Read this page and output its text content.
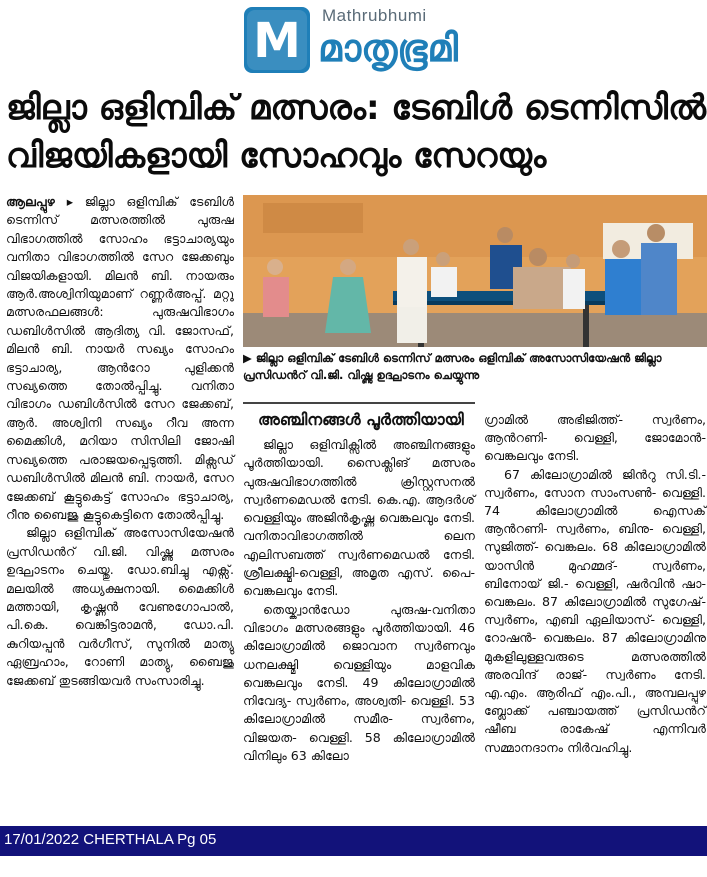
M Mathrubhumi
മാതൃഭൂമി
ജില്ലാ ഒളിമ്പിക് മത്സരം: ടേബിൾ ടെന്നിസിൽ വിജയികളായി സോഹവും സേറയും

ആലപ്പുഴ ▸ ജില്ലാ ഒളിമ്പിക് ടേബിൾ ടെന്നിസ് മത്സരത്തിൽ പുരുഷ വിഭാഗത്തിൽ സോഹം ഭട്ടാചാര്യയും വനിതാ വിഭാഗത്തിൽ സേറ ജേക്കബും വിജയികളായി. മിലൻ ബി. നായരും ആർ.അശ്വിനിയുമാണ് റണ്ണർഅപ്പ്. മറ്റു മത്സരഫലങ്ങൾ: പുരുഷവിഭാഗം ഡബിൾസിൽ ആദിത്യ വി. ജോസഫ്, മിലൻ ബി. നായർ സഖ്യം സോഹം ഭട്ടാചാര്യ, ആൻറോ പുളിക്കൻ സഖ്യത്തെ തോൽപ്പിച്ചു. വനിതാ വിഭാഗം ഡബിൾസിൽ സേറ ജേക്കബ്, ആർ. അശ്വിനി സഖ്യം റീവ അന്ന മൈക്കിൾ, മറിയാ സിസിലി ജോഷി സഖ്യത്തെ പരാജയപ്പെടുത്തി. മിക്സഡ് ഡബിൾസിൽ മിലൻ ബി. നായർ, സേറ ജേക്കബ് കൂട്ടുകെട്ട് സോഹം ഭട്ടാചാര്യ, റീനു ബൈജു കൂട്ടുകെട്ടിനെ തോൽപ്പിച്ചു.

ജില്ലാ ഒളിമ്പിക് അസോസിയേഷൻ പ്രസിഡൻറ് വി.ജി. വിഷ്ണു മത്സരം ഉദ്ഘാടനം ചെയ്തു. ഡോ.ബിച്ചു എക്സ്. മലയിൽ അധ്യക്ഷനായി. മൈക്കിൾ മത്തായി, കൃഷ്ണൻ വേണുഗോപാൽ, പി.കെ. വെങ്കിട്ടരാമൻ, ഡോ.പി. കുറിയപ്പൻ വർഗീസ്, സുനിൽ മാത്യു ഏബ്രഹാം, റോണി മാത്യു, ബൈജു ജേക്കബ് തുടങ്ങിയവർ സംസാരിച്ചു.

▶ ജില്ലാ ഒളിമ്പിക് ടേബിൾ ടെന്നിസ് മത്സരം ഒളിമ്പിക് അസോസിയേഷൻ ജില്ലാ പ്രസിഡൻറ് വി.ജി. വിഷ്ണു ഉദ്ഘാടനം ചെയ്യുന്നു
അഞ്ചിനങ്ങൾ പൂർത്തിയായി

ജില്ലാ ഒളിമ്പിക്സിൽ അഞ്ചിനങ്ങളും പൂർത്തിയായി. സൈക്ലിങ് മത്സരം പുരുഷവിഭാഗത്തിൽ ക്രിസ്റ്റസനൽ സ്വർണമെഡൽ നേടി. കെ.എ. ആദർശ് വെള്ളിയും അജിൻകൃഷ്ണ വെങ്കലവും നേടി. വനിതാവിഭാഗത്തിൽ ലെന എലിസബത്ത് സ്വർണമെഡൽ നേടി. ശ്രീലക്ഷ്മി-വെള്ളി, അമൃത എസ്. പൈ- വെങ്കലവും നേടി.

തെയ്ക്വാൻഡോ പുരുഷ-വനിതാ വിഭാഗം മത്സരങ്ങളും പൂർത്തിയായി. 46 കിലോഗ്രാമിൽ ജൊവാന സ്വർണവും ധനലക്ഷ്മി വെള്ളിയും മാളവിക വെങ്കലവും നേടി. 49 കിലോഗ്രാമിൽ നിവേദ്യ- സ്വർണം, അശ്വതി- വെള്ളി. 53 കിലോഗ്രാമിൽ സമീര- സ്വർണം, വിജയത- വെള്ളി. 58 കിലോഗ്രാമിൽ വിനിലും 63 കിലോ

ഗ്രാമിൽ അഭിജിത്ത്- സ്വർണം, ആൻറണി- വെള്ളി, ജോമോൻ- വെങ്കലവും നേടി.

67 കിലോഗ്രാമിൽ ജിൻറു സി.ടി.- സ്വർണം, സോന സാംസൺ- വെള്ളി. 74 കിലോഗ്രാമിൽ ഐസക് ആൻറണി- സ്വർണം, ബിനു- വെള്ളി, സുജിത്ത്- വെങ്കലം. 68 കിലോഗ്രാമിൽ യാസിൻ മുഹമ്മദ്- സ്വർണം, ബിനോയ് ജി.- വെള്ളി, ഷർവിൻ ഷാ- വെങ്കലം. 87 കിലോഗ്രാമിൽ സുഗേഷ്- സ്വർണം, എബി ഏലിയാസ്- വെള്ളി, റോഷൻ- വെങ്കലം. 87 കിലോഗ്രാമിനു മുകളിലുള്ളവരുടെ മത്സരത്തിൽ അരവിന്ദ് രാജ്- സ്വർണം നേടി. എ.എം. ആരിഫ് എം.പി., അമ്പലപ്പുഴ ബ്ലോക്ക് പഞ്ചായത്ത് പ്രസിഡൻറ് ഷീബ രാകേഷ് എന്നിവർ സമ്മാനദാനം നിർവഹിച്ചു.

17/01/2022 CHERTHALA Pg 05
